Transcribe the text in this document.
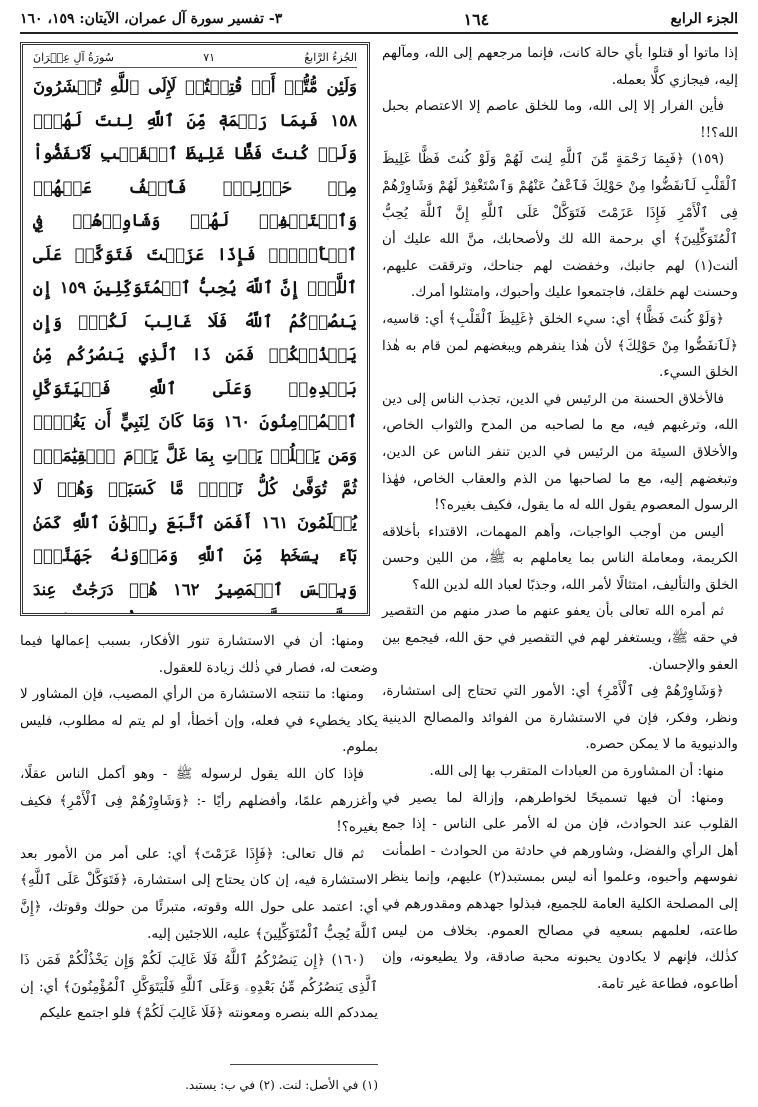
الجزء الرابع
١٦٤
٣- تفسير سورة آل عمران، الآيتان: ١٥٩، ١٦٠

إذا ماتوا أو قتلوا بأي حالة كانت، فإنما مرجعهم إلى الله، ومآلهم إليه، فيجازي كلًّا بعمله.

فأين الفرار إلا إلى الله، وما للخلق عاصم إلا الاعتصام بحبل الله؟!!

(١٥٩) ﴿فَبِمَا رَحْمَةٍ مِّنَ ٱللَّهِ لِنتَ لَهُمْ وَلَوْ كُنتَ فَظًّا غَلِيظَ ٱلْقَلْبِ لَٱنفَضُّوا مِنْ حَوْلِكَ فَٱعْفُ عَنْهُمْ وَٱسْتَغْفِرْ لَهُمْ وَشَاوِرْهُمْ فِى ٱلْأَمْرِ فَإِذَا عَزَمْتَ فَتَوَكَّلْ عَلَى ٱللَّهِ إِنَّ ٱللَّهَ يُحِبُّ ٱلْمُتَوَكِّلِينَ﴾ أي برحمة الله لك ولأصحابك، منَّ الله عليك أن ألنت(١) لهم جانبك، وخفضت لهم جناحك، وترققت عليهم، وحسنت لهم خلقك، فاجتمعوا عليك وأحبوك، وامتثلوا أمرك.

﴿وَلَوْ كُنتَ فَظًّا﴾ أي: سيء الخلق ﴿غَلِيظَ ٱلْقَلْبِ﴾ أي: قاسيه، ﴿لَٱنفَضُّوا مِنْ حَوْلِكَ﴾ لأن هٰذا ينفرهم ويبغضهم لمن قام به هٰذا الخلق السيء.

فالأخلاق الحسنة من الرئيس في الدين، تجذب الناس إلى دين الله، وترغبهم فيه، مع ما لصاحبه من المدح والثواب الخاص، والأخلاق السيئة من الرئيس في الدين تنفر الناس عن الدين، وتبغضهم إليه، مع ما لصاحبها من الذم والعقاب الخاص، فهٰذا الرسول المعصوم يقول الله له ما يقول، فكيف بغيره؟!

أليس من أوجب الواجبات، وأهم المهمات، الاقتداء بأخلاقه الكريمة، ومعاملة الناس بما يعاملهم به ﷺ، من اللين وحسن الخلق والتأليف، امتثالًا لأمر الله، وجذبًا لعباد الله لدين الله؟

ثم أمره الله تعالى بأن يعفو عنهم ما صدر منهم من التقصير في حقه ﷺ، ويستغفر لهم في التقصير في حق الله، فيجمع بين العفو والإحسان.

﴿وَشَاوِرْهُمْ فِى ٱلْأَمْرِ﴾ أي: الأمور التي تحتاج إلى استشارة، ونظر، وفكر، فإن في الاستشارة من الفوائد والمصالح الدينية والدنيوية ما لا يمكن حصره.

منها: أن المشاورة من العبادات المتقرب بها إلى الله.

ومنها: أن فيها تسميحًا لخواطرهم، وإزالة لما يصير في القلوب عند الحوادث، فإن من له الأمر على الناس - إذا جمع أهل الرأي والفضل، وشاورهم في حادثة من الحوادث - اطمأنت نفوسهم وأحبوه، وعلموا أنه ليس بمستبد(٢) عليهم، وإنما ينظر إلى المصلحة الكلية العامة للجميع، فبذلوا جهدهم ومقدورهم في طاعته، لعلمهم بسعيه في مصالح العموم. بخلاف من ليس كذٰلك، فإنهم لا يكادون يحبونه محبة صادقة، ولا يطيعونه، وإن أطاعوه، فطاعة غير تامة.

الجُزءُ الرَّابعُ
٧١
سُورَةُ آلِ عِمۡرَانَ
وَلَئِن مُّتُّمۡ أَوۡ قُتِلۡتُمۡ لَإِلَى ٱللَّهِ تُحۡشَرُونَ ١٥٨ فَبِمَا رَحۡمَةٖ مِّنَ ٱللَّهِ لِنتَ لَهُمۡۖ وَلَوۡ كُنتَ فَظًّا غَلِيظَ ٱلۡقَلۡبِ لَٱنفَضُّواْ مِنۡ حَوۡلِكَۖ فَٱعۡفُ عَنۡهُمۡ وَٱسۡتَغۡفِرۡ لَهُمۡ وَشَاوِرۡهُمۡ فِي ٱلۡأَمۡرِۖ فَإِذَا عَزَمۡتَ فَتَوَكَّلۡ عَلَى ٱللَّهِۚ إِنَّ ٱللَّهَ يُحِبُّ ٱلۡمُتَوَكِّلِينَ ١٥٩ إِن يَنصُرۡكُمُ ٱللَّهُ فَلَا غَالِبَ لَكُمۡۖ وَإِن يَخۡذُلۡكُمۡ فَمَن ذَا ٱلَّذِي يَنصُرُكُم مِّنۢ بَعۡدِهِۦۗ وَعَلَى ٱللَّهِ فَلۡيَتَوَكَّلِ ٱلۡمُؤۡمِنُونَ ١٦٠ وَمَا كَانَ لِنَبِيٍّ أَن يَغُلَّۚ وَمَن يَغۡلُلۡ يَأۡتِ بِمَا غَلَّ يَوۡمَ ٱلۡقِيَٰمَةِۚ ثُمَّ تُوَفَّىٰ كُلُّ نَفۡسٖ مَّا كَسَبَتۡ وَهُمۡ لَا يُظۡلَمُونَ ١٦١ أَفَمَنِ ٱتَّبَعَ رِضۡوَٰنَ ٱللَّهِ كَمَنۢ بَآءَ بِسَخَطٖ مِّنَ ٱللَّهِ وَمَأۡوَىٰهُ جَهَنَّمُۖ وَبِئۡسَ ٱلۡمَصِيرُ ١٦٢ هُمۡ دَرَجَٰتٌ عِندَ

ومنها: أن في الاستشارة تنور الأفكار، بسبب إعمالها فيما وضعت له، فصار في ذٰلك زيادة للعقول.

ومنها: ما تنتجه الاستشارة من الرأي المصيب، فإن المشاور لا يكاد يخطيء في فعله، وإن أخطأ، أو لم يتم له مطلوب، فليس بملوم.

فإذا كان الله يقول لرسوله ﷺ - وهو أكمل الناس عقلًا، وأغزرهم علمًا، وأفضلهم رأيًا -: ﴿وَشَاوِرْهُمْ فِى ٱلْأَمْرِ﴾ فكيف بغيره؟!

ثم قال تعالى: ﴿فَإِذَا عَزَمْتَ﴾ أي: على أمر من الأمور بعد الاستشارة فيه، إن كان يحتاج إلى استشارة، ﴿فَتَوَكَّلْ عَلَى ٱللَّهِ﴾ أي: اعتمد على حول الله وقوته، متبرئًا من حولك وقوتك، ﴿إِنَّ ٱللَّهَ يُحِبُّ ٱلْمُتَوَكِّلِينَ﴾ عليه، اللاجئين إليه.

(١٦٠) ﴿إِن يَنصُرْكُمُ ٱللَّهُ فَلَا غَالِبَ لَكُمْ وَإِن يَخْذُلْكُمْ فَمَن ذَا ٱلَّذِى يَنصُرُكُم مِّنۢ بَعْدِهِۦ وَعَلَى ٱللَّهِ فَلْيَتَوَكَّلِ ٱلْمُؤْمِنُونَ﴾ أي: إن يمددكم الله بنصره ومعونته ﴿فَلَا غَالِبَ لَكُمْ﴾ فلو اجتمع عليكم

(١) في الأصل: لنت. (٢) في ب: يستبد.
